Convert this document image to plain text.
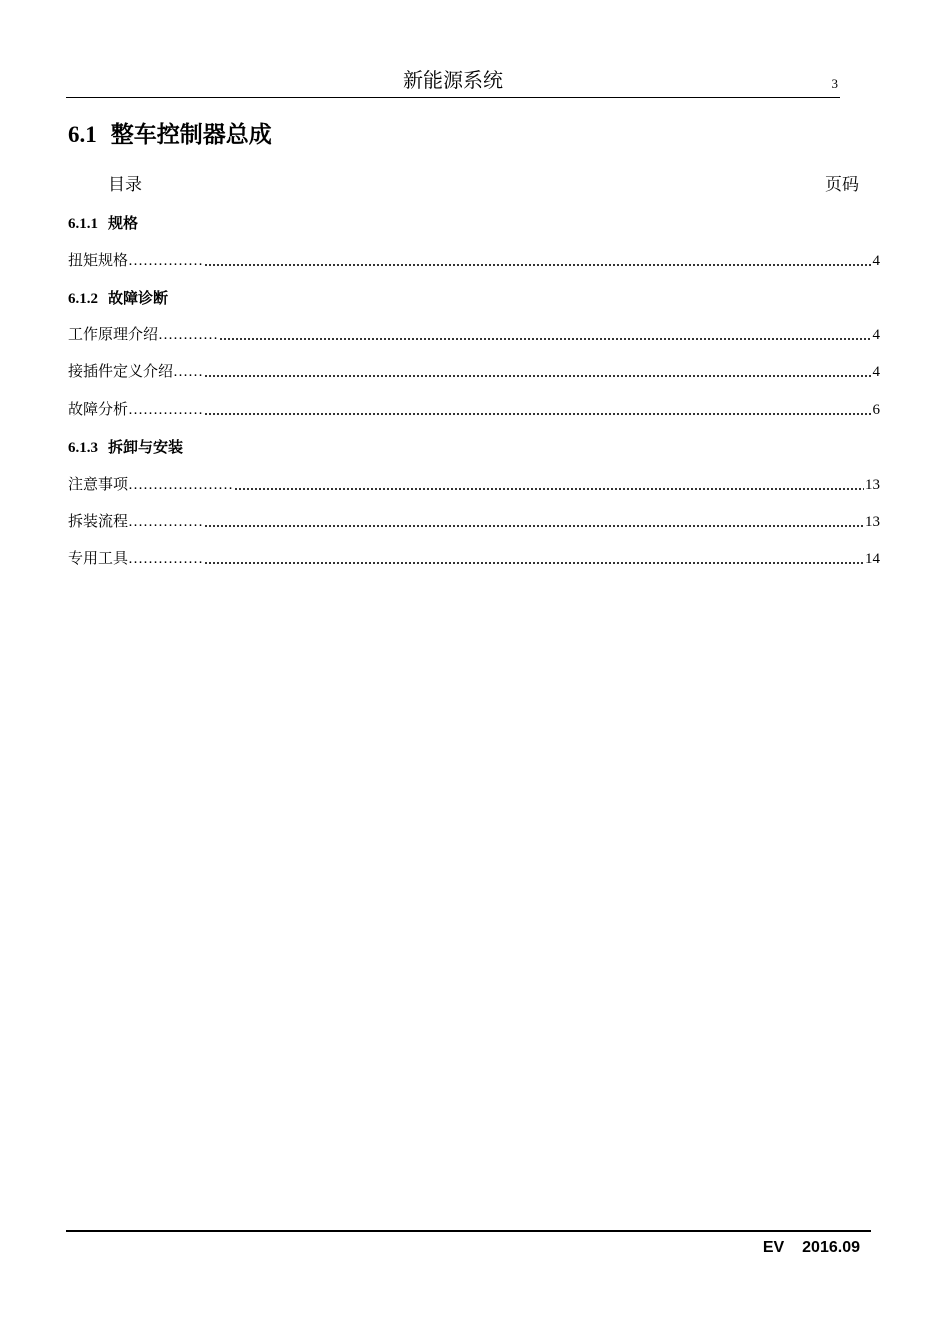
新能源系统	3
6.1 整车控制器总成
目录	页码
6.1.1 规格
扭矩规格……………	4
6.1.2 故障诊断
工作原理介绍…………	4
接插件定义介绍……	4
故障分析……………	6
6.1.3 拆卸与安装
注意事项…………………	13
拆装流程……………	13
专用工具……………	14
EV 2016.09
